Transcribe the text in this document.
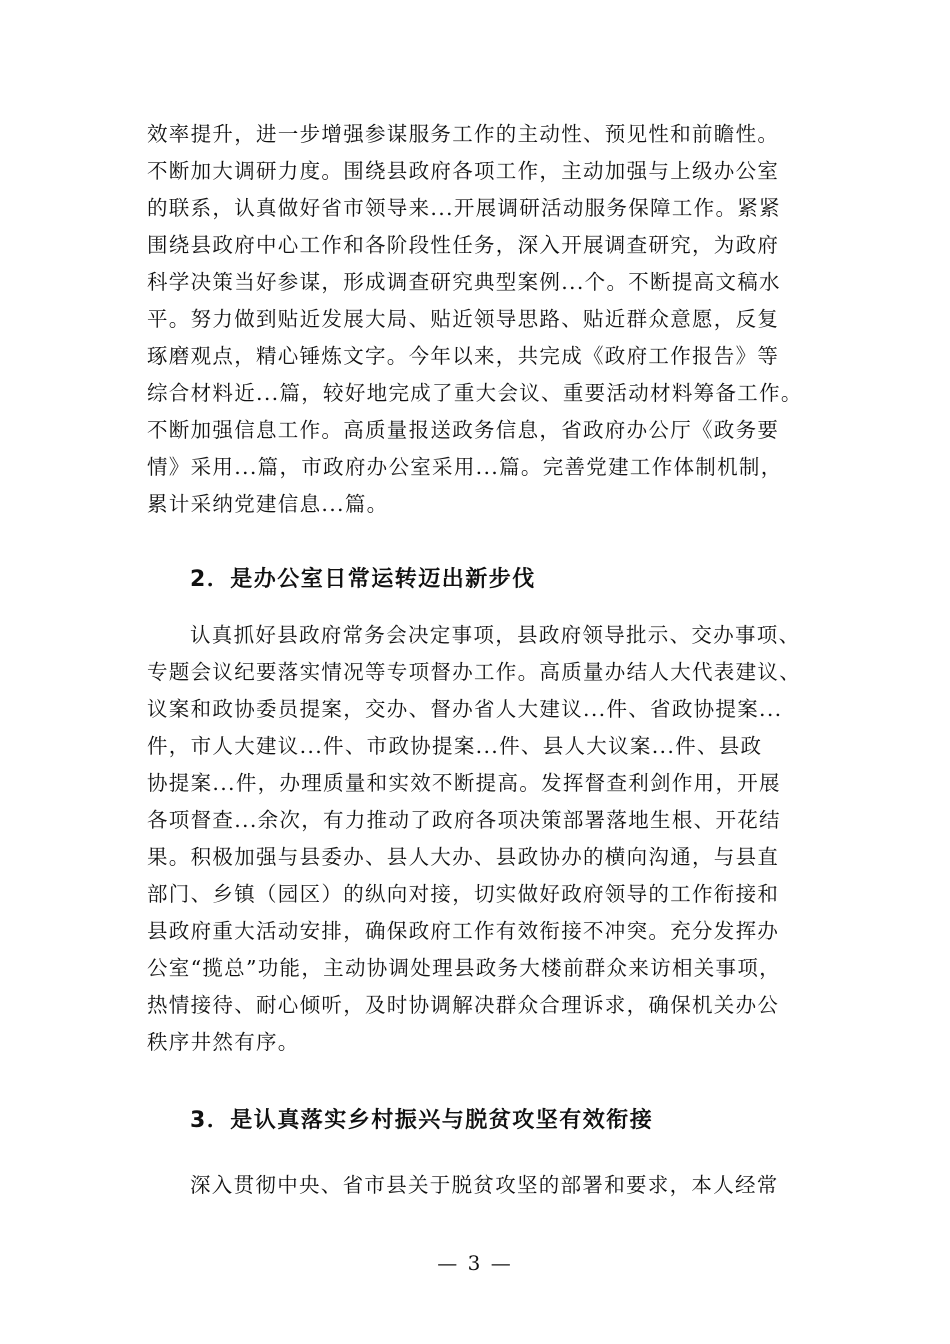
效率提升，进一步增强参谋服务工作的主动性、预见性和前瞻性。
不断加大调研力度。围绕县政府各项工作，主动加强与上级办公室
的联系，认真做好省市领导来...开展调研活动服务保障工作。紧紧
围绕县政府中心工作和各阶段性任务，深入开展调查研究，为政府
科学决策当好参谋，形成调查研究典型案例...个。不断提高文稿水
平。努力做到贴近发展大局、贴近领导思路、贴近群众意愿，反复
琢磨观点，精心锤炼文字。今年以来，共完成《政府工作报告》等
综合材料近...篇，较好地完成了重大会议、重要活动材料筹备工作。
不断加强信息工作。高质量报送政务信息，省政府办公厅《政务要
情》采用...篇，市政府办公室采用...篇。完善党建工作体制机制，
累计采纳党建信息...篇。
2．是办公室日常运转迈出新步伐
认真抓好县政府常务会决定事项，县政府领导批示、交办事项、
专题会议纪要落实情况等专项督办工作。高质量办结人大代表建议、
议案和政协委员提案，交办、督办省人大建议...件、省政协提案...
件，市人大建议...件、市政协提案...件、县人大议案...件、县政
协提案...件，办理质量和实效不断提高。发挥督查利剑作用，开展
各项督查...余次，有力推动了政府各项决策部署落地生根、开花结
果。积极加强与县委办、县人大办、县政协办的横向沟通，与县直
部门、乡镇（园区）的纵向对接，切实做好政府领导的工作衔接和
县政府重大活动安排，确保政府工作有效衔接不冲突。充分发挥办
公室“揽总”功能，主动协调处理县政务大楼前群众来访相关事项，
热情接待、耐心倾听，及时协调解决群众合理诉求，确保机关办公
秩序井然有序。
3．是认真落实乡村振兴与脱贫攻坚有效衔接
深入贯彻中央、省市县关于脱贫攻坚的部署和要求，本人经常
— 3 —
